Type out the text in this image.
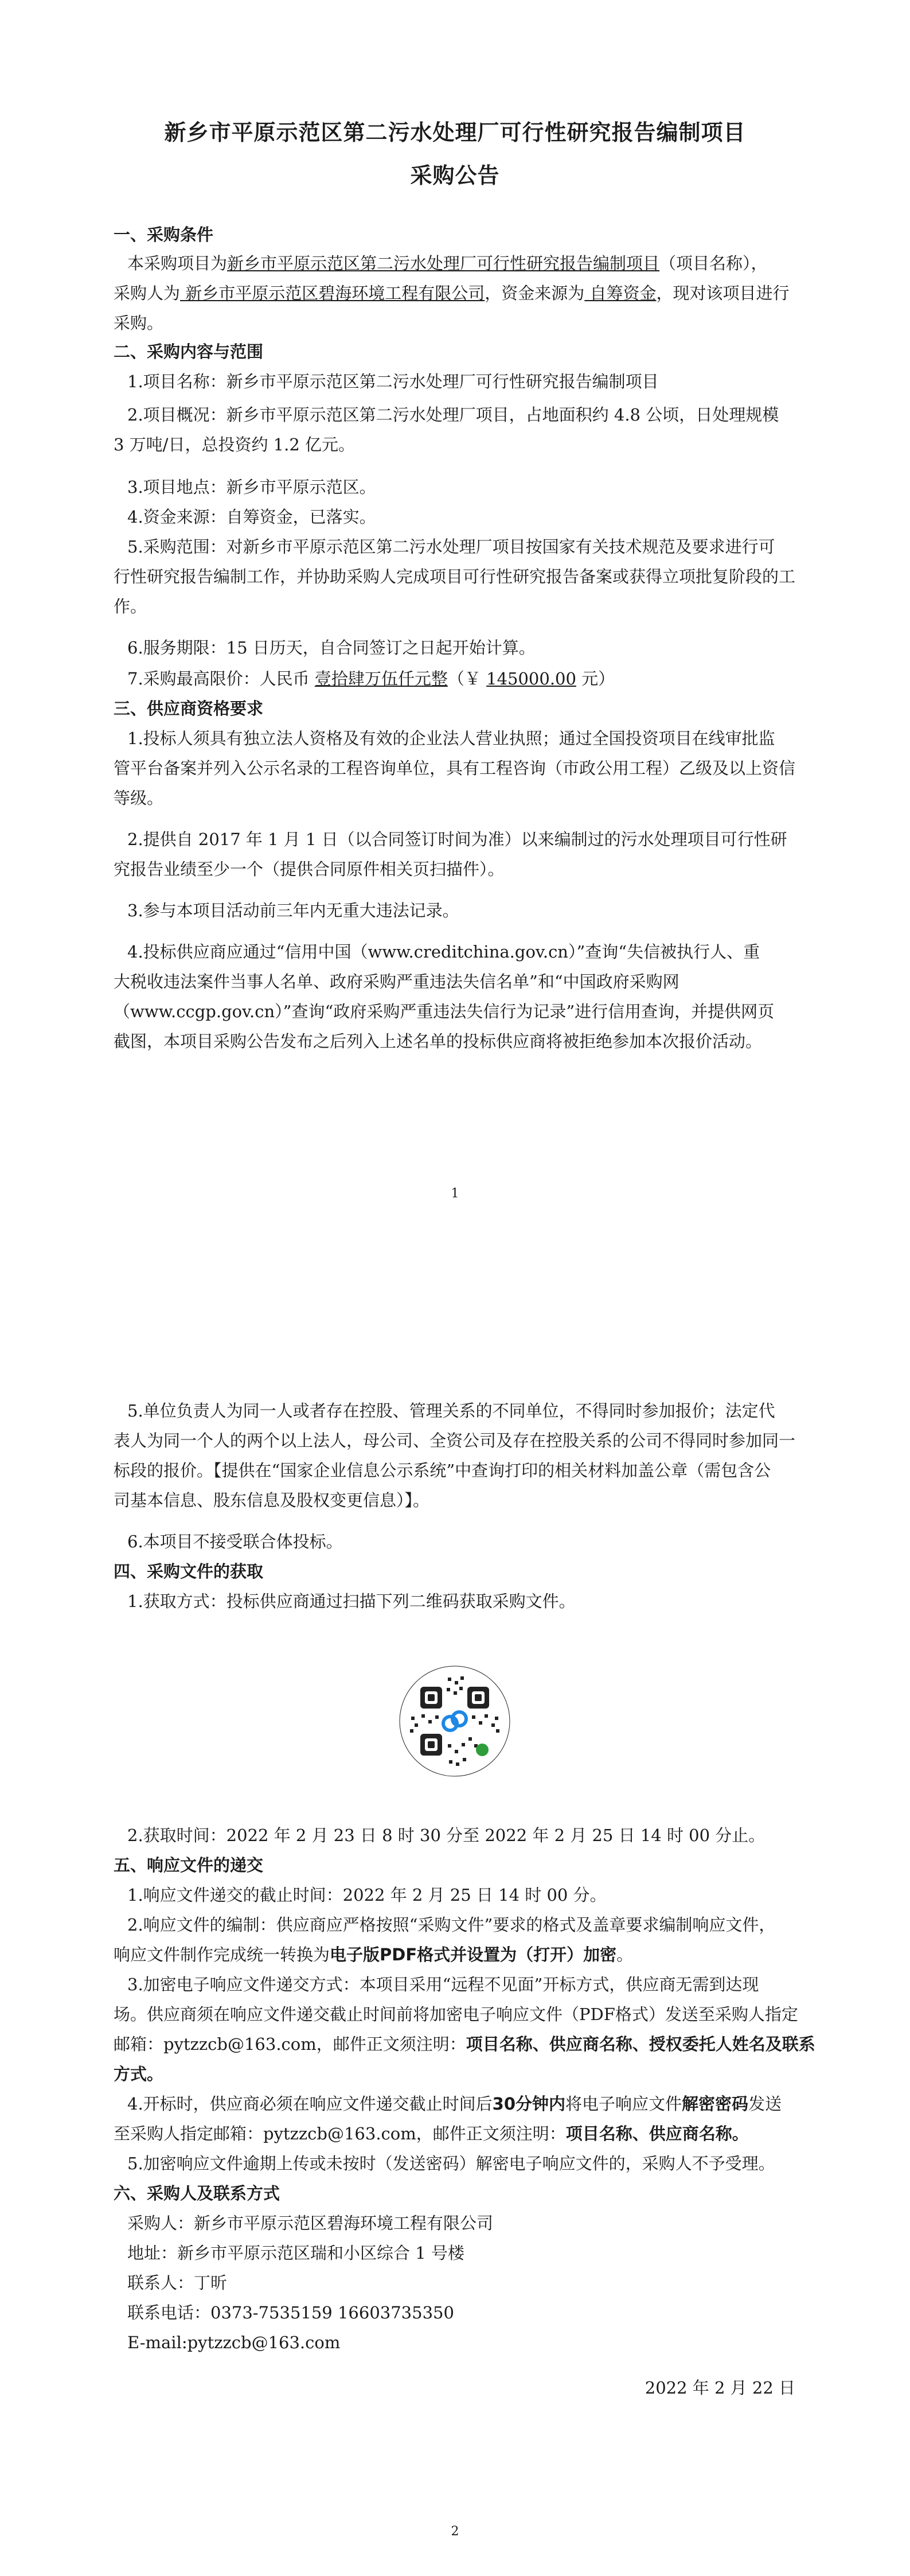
新乡市平原示范区第二污水处理厂可行性研究报告编制项目
采购公告
一、采购条件
本采购项目为新乡市平原示范区第二污水处理厂可行性研究报告编制项目（项目名称），
采购人为 新乡市平原示范区碧海环境工程有限公司，资金来源为 自筹资金，现对该项目进行
采购。
二、采购内容与范围
1.项目名称：新乡市平原示范区第二污水处理厂可行性研究报告编制项目
2.项目概况：新乡市平原示范区第二污水处理厂项目，占地面积约 4.8 公顷，日处理规模
3 万吨/日，总投资约 1.2 亿元。
3.项目地点：新乡市平原示范区。
4.资金来源：自筹资金，已落实。
5.采购范围：对新乡市平原示范区第二污水处理厂项目按国家有关技术规范及要求进行可
行性研究报告编制工作，并协助采购人完成项目可行性研究报告备案或获得立项批复阶段的工
作。
6.服务期限：15 日历天，自合同签订之日起开始计算。
7.采购最高限价：人民币 壹拾肆万伍仟元整（￥ 145000.00 元）
三、供应商资格要求
1.投标人须具有独立法人资格及有效的企业法人营业执照；通过全国投资项目在线审批监
管平台备案并列入公示名录的工程咨询单位，具有工程咨询（市政公用工程）乙级及以上资信
等级。
2.提供自 2017 年 1 月 1 日（以合同签订时间为准）以来编制过的污水处理项目可行性研
究报告业绩至少一个（提供合同原件相关页扫描件）。
3.参与本项目活动前三年内无重大违法记录。
4.投标供应商应通过“信用中国（www.creditchina.gov.cn）”查询“失信被执行人、重
大税收违法案件当事人名单、政府采购严重违法失信名单”和“中国政府采购网
（www.ccgp.gov.cn）”查询“政府采购严重违法失信行为记录”进行信用查询，并提供网页
截图，本项目采购公告发布之后列入上述名单的投标供应商将被拒绝参加本次报价活动。
1
5.单位负责人为同一人或者存在控股、管理关系的不同单位，不得同时参加报价；法定代
表人为同一个人的两个以上法人，母公司、全资公司及存在控股关系的公司不得同时参加同一
标段的报价。【提供在“国家企业信息公示系统”中查询打印的相关材料加盖公章（需包含公
司基本信息、股东信息及股权变更信息）】。
6.本项目不接受联合体投标。
四、采购文件的获取
1.获取方式：投标供应商通过扫描下列二维码获取采购文件。
2.获取时间：2022 年 2 月 23 日 8 时 30 分至 2022 年 2 月 25 日 14 时 00 分止。
五、响应文件的递交
1.响应文件递交的截止时间：2022 年 2 月 25 日 14 时 00 分。
2.响应文件的编制：供应商应严格按照“采购文件”要求的格式及盖章要求编制响应文件，
响应文件制作完成统一转换为电子版PDF格式并设置为（打开）加密。
3.加密电子响应文件递交方式：本项目采用“远程不见面”开标方式，供应商无需到达现
场。供应商须在响应文件递交截止时间前将加密电子响应文件（PDF格式）发送至采购人指定
邮箱：pytzzcb@163.com，邮件正文须注明：项目名称、供应商名称、授权委托人姓名及联系
方式。
4.开标时，供应商必须在响应文件递交截止时间后30分钟内将电子响应文件解密密码发送
至采购人指定邮箱：pytzzcb@163.com，邮件正文须注明：项目名称、供应商名称。
5.加密响应文件逾期上传或未按时（发送密码）解密电子响应文件的，采购人不予受理。
六、采购人及联系方式
采购人：新乡市平原示范区碧海环境工程有限公司
地址：新乡市平原示范区瑞和小区综合 1 号楼
联系人：丁昕
联系电话：0373-7535159 16603735350
E-mail:pytzzcb@163.com
2022 年 2 月 22 日
2
